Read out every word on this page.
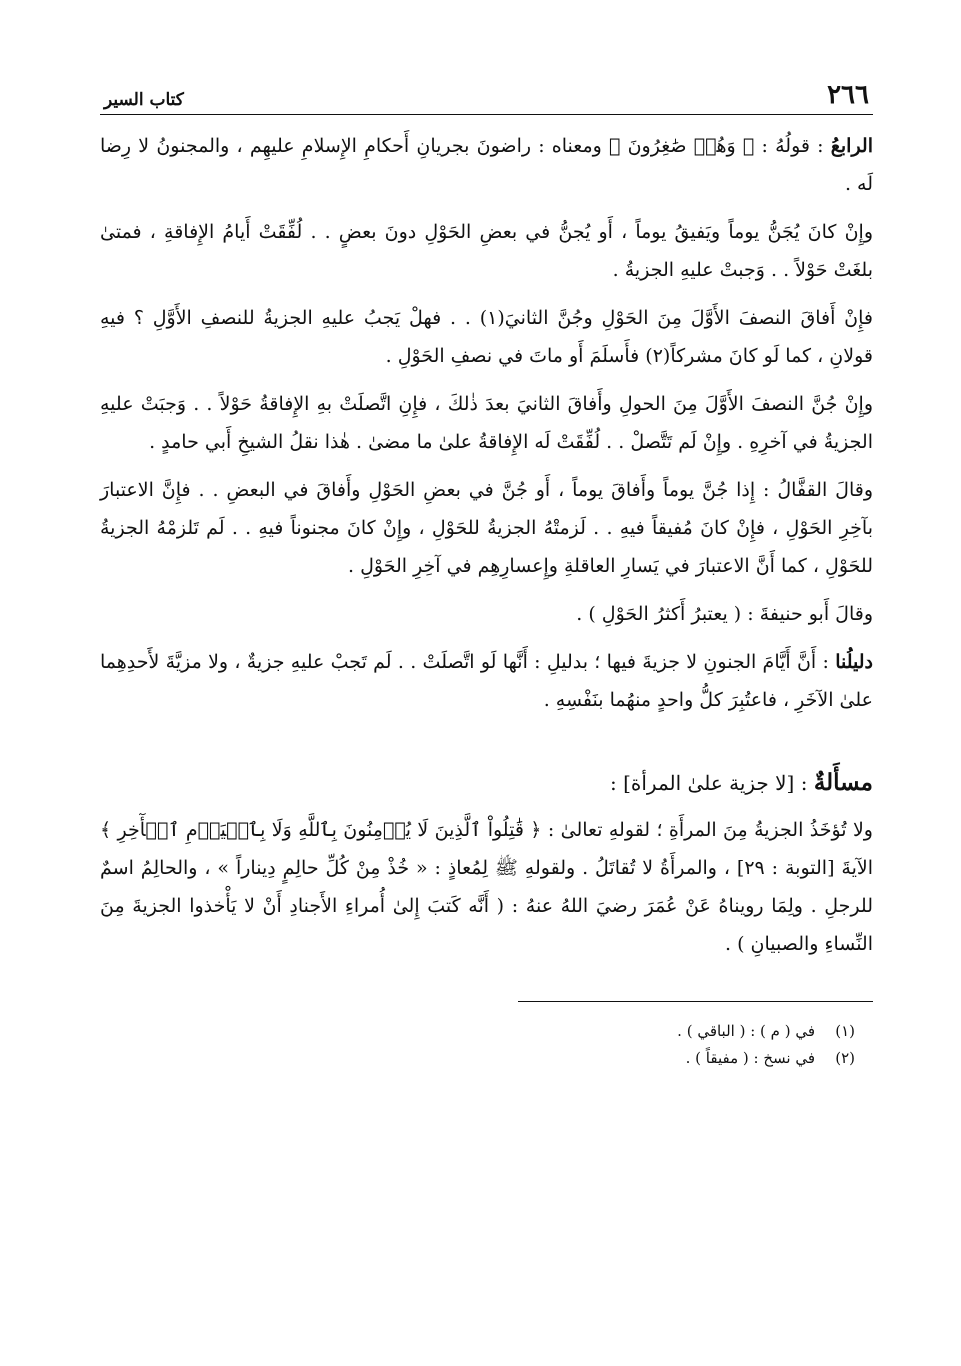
٢٦٦
كتاب السير

الرابعُ : قولُهُ : ﴿ وَهُمۡ صَٰغِرُونَ ﴾ ومعناه : راضونَ بجريانِ أَحكامِ الإِسلامِ عليهِم ، والمجنونُ لا رِضا لَه .

وإِنْ كانَ يُجَنُّ يوماً ويَفيقُ يوماً ، أَو يُجنُّ في بعضِ الحَوْلِ دونَ بعضٍ . . لُفِّقَتْ أَيامُ الإِفاقةِ ، فمتىٰ بلغَتْ حَوْلاً . . وَجبتْ عليهِ الجزيةُ .

فإِنْ أَفاقَ النصفَ الأَوَّلَ مِنَ الحَوْلِ وجُنَّ الثانيَ(١) . . فهلْ يَجبُ عليهِ الجزيةُ للنصفِ الأَوَّلِ ؟ فيهِ قولانِ ، كما لَو كانَ مشركاً(٢) فأَسلَمَ أَو ماتَ في نصفِ الحَوْلِ .

وإِنْ جُنَّ النصفَ الأَوَّلَ مِنَ الحولِ وأَفاقَ الثانيَ بعدَ ذٰلكَ ، فإِنِ اتَّصلَتْ بهِ الإِفاقةُ حَوْلاً . . وَجبَتْ عليهِ الجزيةُ في آخرِهِ . وإِنْ لَم تَتَّصلْ . . لُفِّقَتْ لَه الإِفاقةُ علىٰ ما مضىٰ . هٰذا نقلُ الشيخِ أَبي حامدٍ .

وقالَ القفَّالُ : إِذا جُنَّ يوماً وأَفاقَ يوماً ، أَو جُنَّ في بعضِ الحَوْلِ وأَفاقَ في البعضِ . . فإِنَّ الاعتبارَ بآخِرِ الحَوْلِ ، فإِنْ كانَ مُفيقاً فيهِ . . لَزمتْهُ الجزيةُ للحَوْلِ ، وإِنْ كانَ مجنوناً فيهِ . . لَم تَلزمْهُ الجزيةُ للحَوْلِ ، كما أَنَّ الاعتبارَ في يَسارِ العاقلةِ وإِعسارِهِم في آخِرِ الحَوْلِ .

وقالَ أَبو حنيفةَ : ( يعتبرُ أَكثرُ الحَوْلِ ) .

دليلُنا : أَنَّ أَيَّامَ الجنونِ لا جزيةَ فيها ؛ بدليلِ : أَنَّها لَو اتَّصلَتْ . . لَم تَجبْ عليهِ جزيةٌ ، ولا مزيَّةَ لأَحدِهِما علىٰ الآخَرِ ، فاعتُبِرَ كلُّ واحدٍ منهُما بنَفْسِهِ .

مسأَلةٌ : [لا جزية علىٰ المرأة] :

ولا تُؤخَذُ الجزيةُ مِنَ المرأَةِ ؛ لقولهِ تعالىٰ : ﴿ قَٰتِلُواْ ٱلَّذِينَ لَا يُؤۡمِنُونَ بِٱللَّهِ وَلَا بِٱلۡيَوۡمِ ٱلۡأٓخِرِ ﴾ الآيةَ [التوبة : ٢٩] ، والمرأَةُ لا تُقاتَلُ . ولقولهِ ﷺ لِمُعاذٍ : « خُذْ مِنْ كُلِّ حالِمٍ دِيناراً » ، والحالِمُ اسمٌ للرجلِ . ولِمَا رويناهُ عَنْ عُمَرَ رضيَ اللهُ عنهُ : ( أَنَّه كَتبَ إِلىٰ أُمراءِ الأَجنادِ أَنْ لا يَأْخذوا الجزيةَ مِنَ النِّساءِ والصبيانِ ) .

(١)
في ( م ) : ( الباقي ) .
(٢)
في نسخ : ( مفيقاً ) .
